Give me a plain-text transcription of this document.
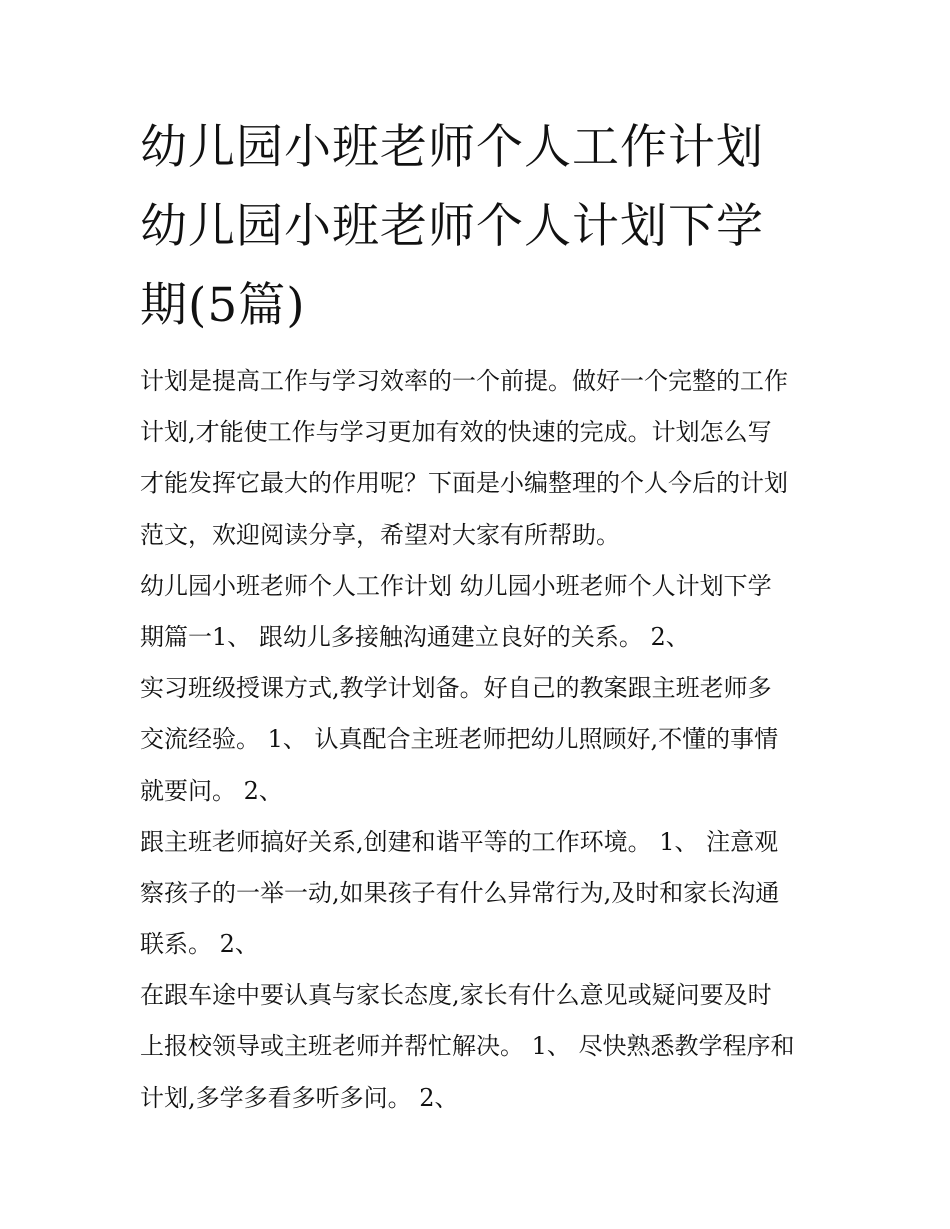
幼儿园小班老师个人工作计划
幼儿园小班老师个人计划下学
期(5篇)
计划是提高工作与学习效率的一个前提。做好一个完整的工作
计划,才能使工作与学习更加有效的快速的完成。计划怎么写
才能发挥它最大的作用呢？下面是小编整理的个人今后的计划
范文，欢迎阅读分享，希望对大家有所帮助。
幼儿园小班老师个人工作计划 幼儿园小班老师个人计划下学
期篇一1、 跟幼儿多接触沟通建立良好的关系。 2、
实习班级授课方式,教学计划备。好自己的教案跟主班老师多
交流经验。 1、 认真配合主班老师把幼儿照顾好,不懂的事情
就要问。 2、
跟主班老师搞好关系,创建和谐平等的工作环境。 1、 注意观
察孩子的一举一动,如果孩子有什么异常行为,及时和家长沟通
联系。 2、
在跟车途中要认真与家长态度,家长有什么意见或疑问要及时
上报校领导或主班老师并帮忙解决。 1、 尽快熟悉教学程序和
计划,多学多看多听多问。 2、
